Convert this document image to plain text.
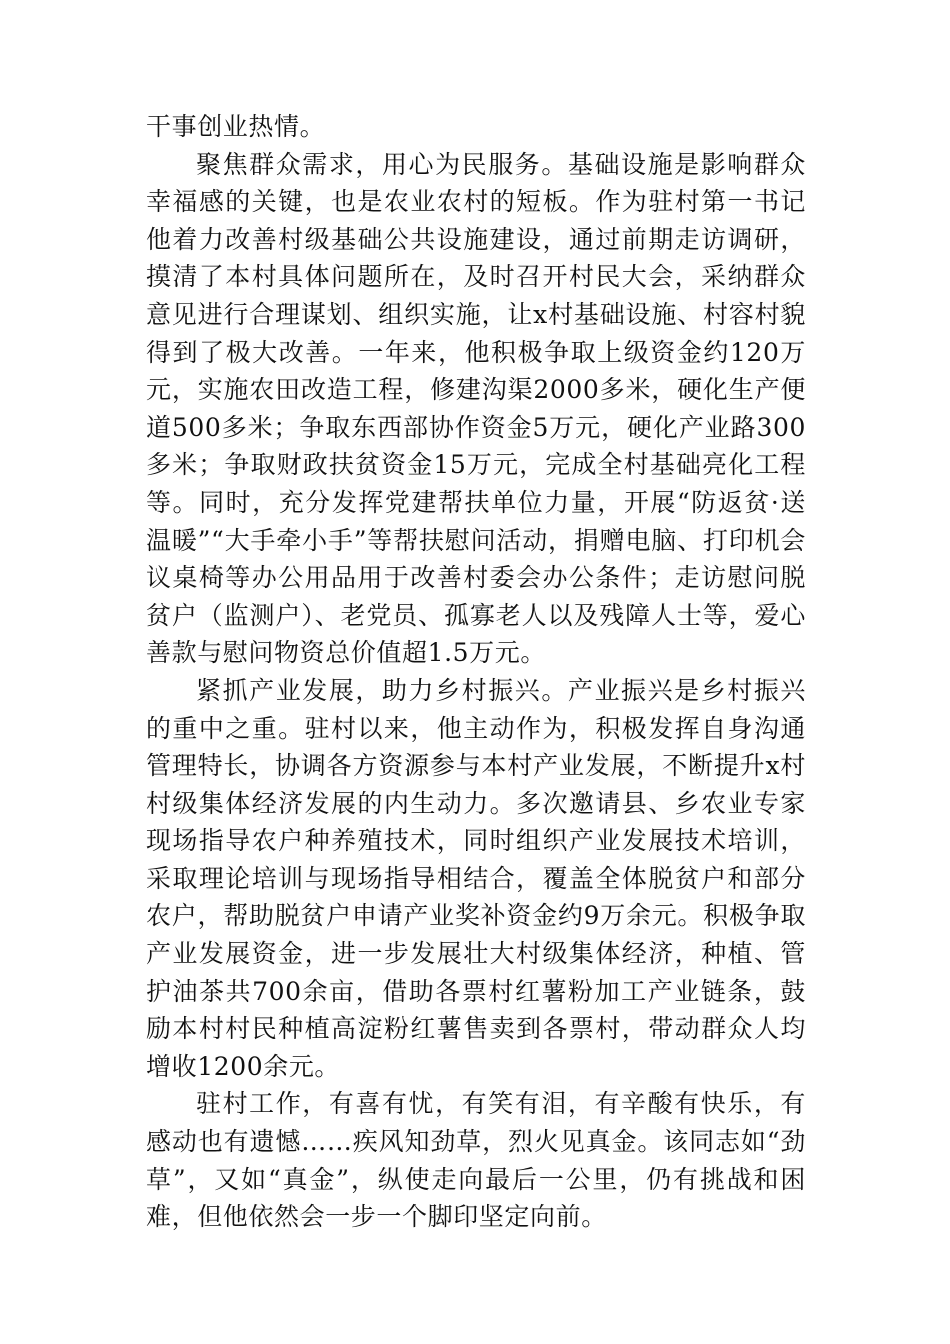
干事创业热情。

聚焦群众需求，用心为民服务。基础设施是影响群众幸福感的关键，也是农业农村的短板。作为驻村第一书记他着力改善村级基础公共设施建设，通过前期走访调研，摸清了本村具体问题所在，及时召开村民大会，采纳群众意见进行合理谋划、组织实施，让x村基础设施、村容村貌得到了极大改善。一年来，他积极争取上级资金约120万元，实施农田改造工程，修建沟渠2000多米，硬化生产便道500多米；争取东西部协作资金5万元，硬化产业路300多米；争取财政扶贫资金15万元，完成全村基础亮化工程等。同时，充分发挥党建帮扶单位力量，开展“防返贫·送温暖”“大手牵小手”等帮扶慰问活动，捐赠电脑、打印机会议桌椅等办公用品用于改善村委会办公条件；走访慰问脱贫户（监测户）、老党员、孤寡老人以及残障人士等，爱心善款与慰问物资总价值超1.5万元。

紧抓产业发展，助力乡村振兴。产业振兴是乡村振兴的重中之重。驻村以来，他主动作为，积极发挥自身沟通管理特长，协调各方资源参与本村产业发展，不断提升x村村级集体经济发展的内生动力。多次邀请县、乡农业专家现场指导农户种养殖技术，同时组织产业发展技术培训，采取理论培训与现场指导相结合，覆盖全体脱贫户和部分农户，帮助脱贫户申请产业奖补资金约9万余元。积极争取产业发展资金，进一步发展壮大村级集体经济，种植、管护油茶共700余亩，借助各票村红薯粉加工产业链条，鼓励本村村民种植高淀粉红薯售卖到各票村，带动群众人均增收1200余元。

驻村工作，有喜有忧，有笑有泪，有辛酸有快乐，有感动也有遗憾……疾风知劲草，烈火见真金。该同志如“劲草”，又如“真金”，纵使走向最后一公里，仍有挑战和困难，但他依然会一步一个脚印坚定向前。
